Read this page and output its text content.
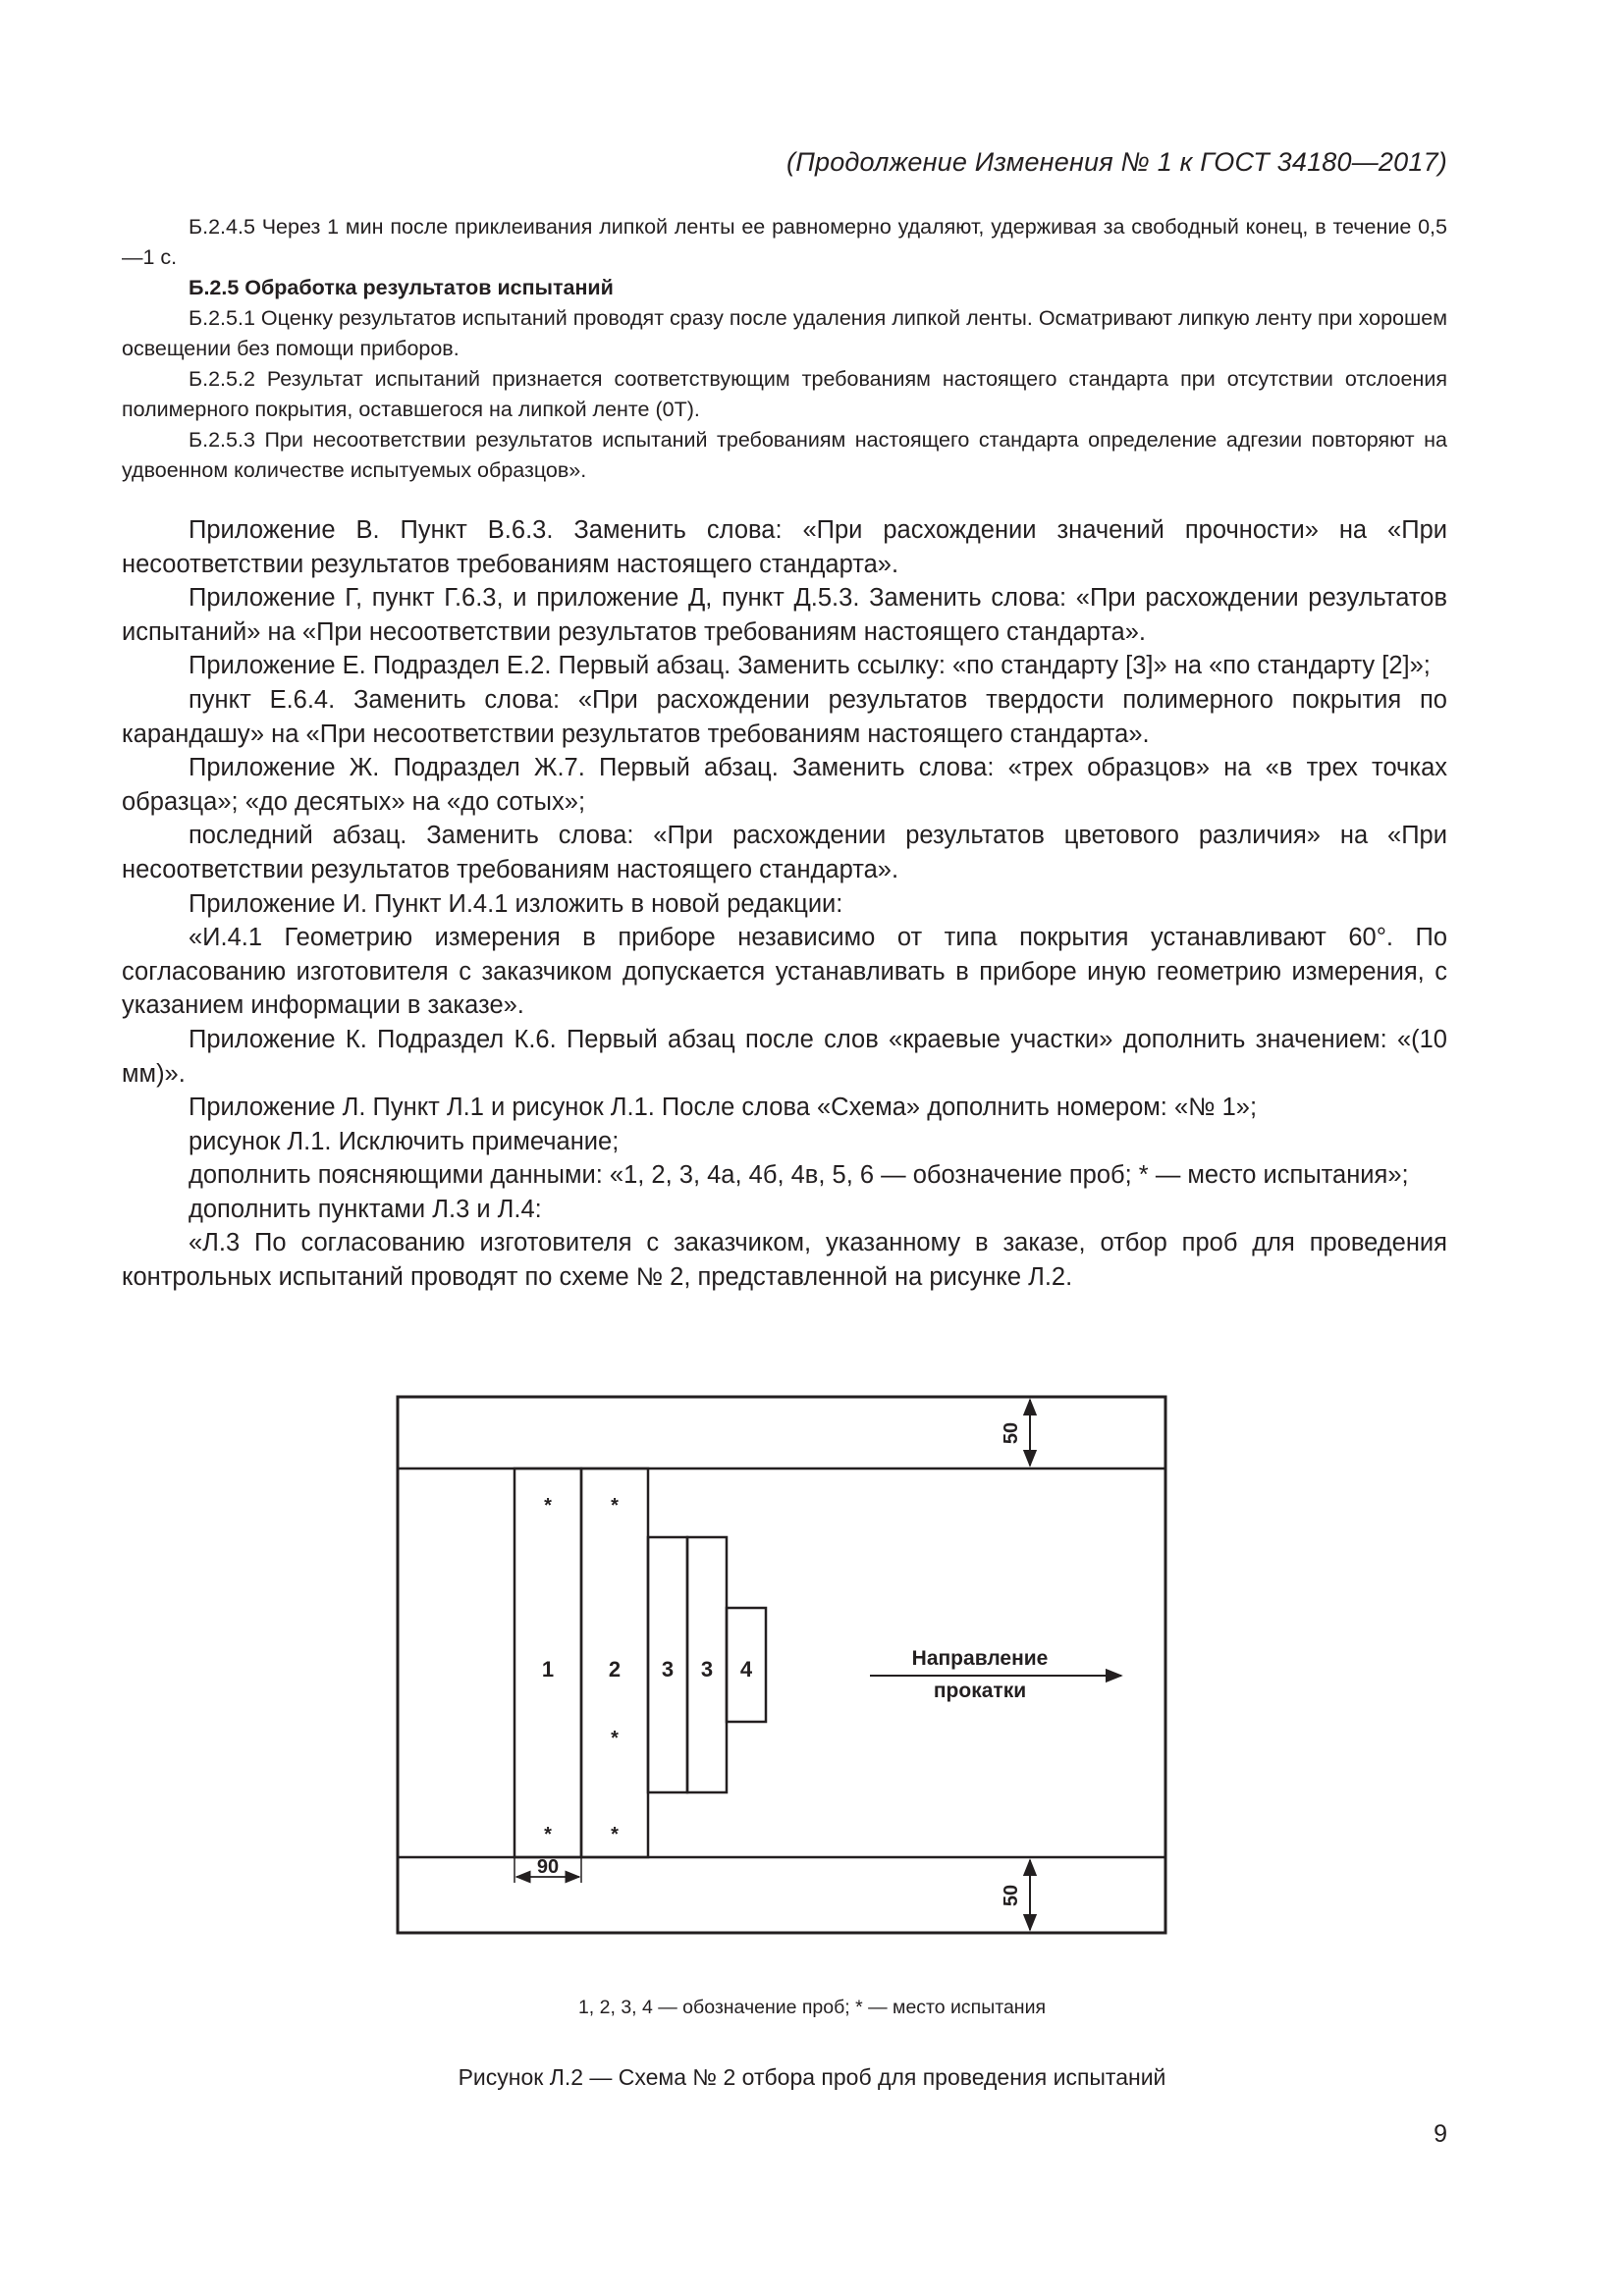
(Продолжение Изменения № 1 к ГОСТ 34180—2017)

Б.2.4.5 Через 1 мин после приклеивания липкой ленты ее равномерно удаляют, удерживая за свободный конец, в течение 0,5—1 с.

Б.2.5 Обработка результатов испытаний

Б.2.5.1 Оценку результатов испытаний проводят сразу после удаления липкой ленты. Осматривают липкую ленту при хорошем освещении без помощи приборов.

Б.2.5.2 Результат испытаний признается соответствующим требованиям настоящего стандарта при отсутствии отслоения полимерного покрытия, оставшегося на липкой ленте (0Т).

Б.2.5.3 При несоответствии результатов испытаний требованиям настоящего стандарта определение адгезии повторяют на удвоенном количестве испытуемых образцов».

Приложение В. Пункт В.6.3. Заменить слова: «При расхождении значений прочности» на «При несоответствии результатов требованиям настоящего стандарта».

Приложение Г, пункт Г.6.3, и приложение Д, пункт Д.5.3. Заменить слова: «При расхождении результатов испытаний» на «При несоответствии результатов требованиям настоящего стандарта».

Приложение Е. Подраздел Е.2. Первый абзац. Заменить ссылку: «по стандарту [3]» на «по стандарту [2]»;

пункт Е.6.4. Заменить слова: «При расхождении результатов твердости полимерного покрытия по карандашу» на «При несоответствии результатов требованиям настоящего стандарта».

Приложение Ж. Подраздел Ж.7. Первый абзац. Заменить слова: «трех образцов» на «в трех точках образца»; «до десятых» на «до сотых»;

последний абзац. Заменить слова: «При расхождении результатов цветового различия» на «При несоответствии результатов требованиям настоящего стандарта».

Приложение И. Пункт И.4.1 изложить в новой редакции:

«И.4.1 Геометрию измерения в приборе независимо от типа покрытия устанавливают 60°. По согласованию изготовителя с заказчиком допускается устанавливать в приборе иную геометрию измерения, с указанием информации в заказе».

Приложение К. Подраздел К.6. Первый абзац после слов «краевые участки» дополнить значением: «(10 мм)».

Приложение Л. Пункт Л.1 и рисунок Л.1. После слова «Схема» дополнить номером: «№ 1»;

рисунок Л.1. Исключить примечание;

дополнить поясняющими данными: «1, 2, 3, 4а, 4б, 4в, 5, 6 — обозначение проб; * — место испытания»;

дополнить пунктами Л.3 и Л.4:

«Л.3 По согласованию изготовителя с заказчиком, указанному в заказе, отбор проб для проведения контрольных испытаний проводят по схеме № 2, представленной на рисунке Л.2.

1	2 3 3 4
*	*
*
*	*
50
50
90
Направление
прокатки
1, 2, 3, 4 — обозначение проб; * — место испытания
Рисунок Л.2 — Схема № 2 отбора проб для проведения испытаний
9
